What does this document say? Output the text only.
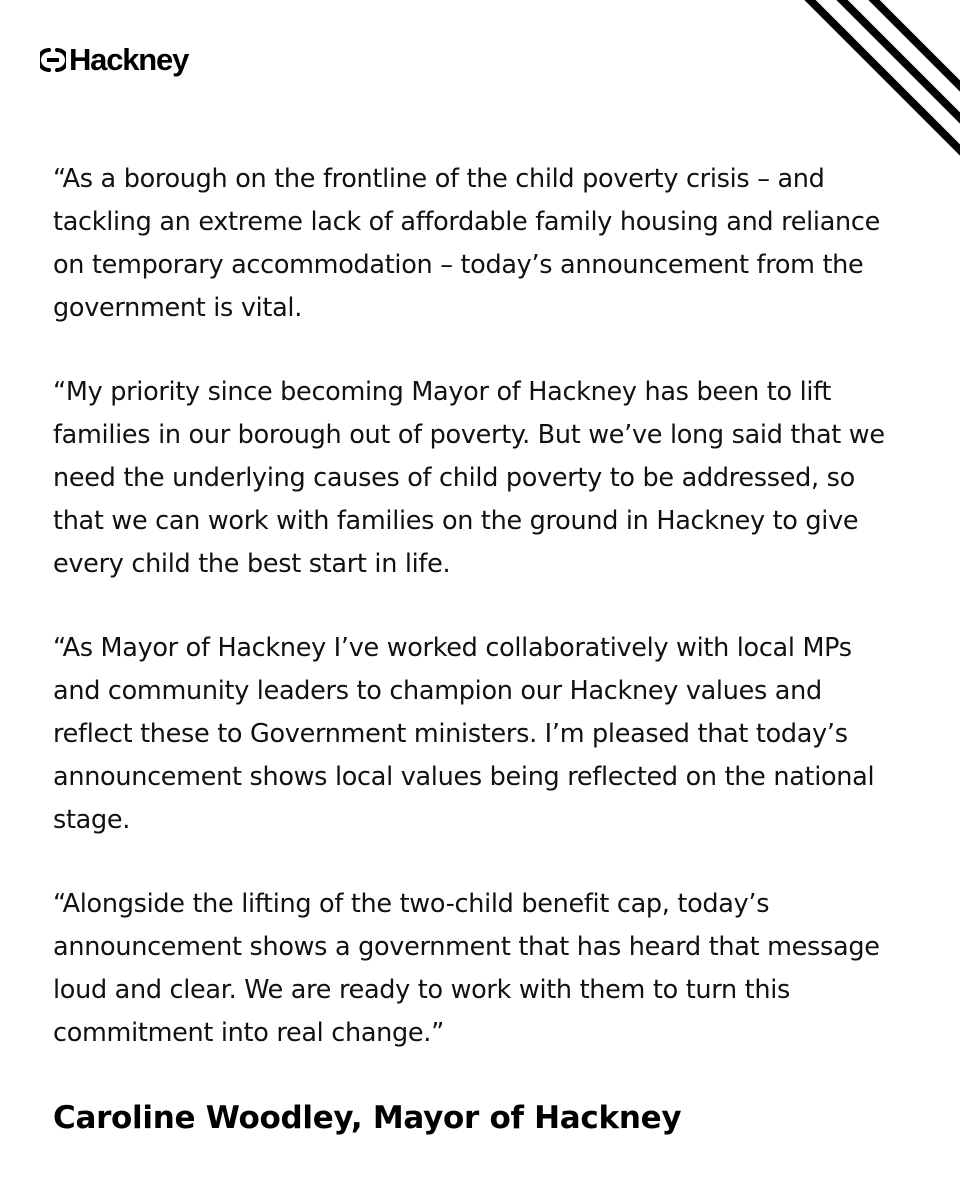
Hackney

“As a borough on the frontline of the child poverty crisis – and
tackling an extreme lack of affordable family housing and reliance
on temporary accommodation – today’s announcement from the
government is vital.

“My priority since becoming Mayor of Hackney has been to lift
families in our borough out of poverty. But we’ve long said that we
need the underlying causes of child poverty to be addressed, so
that we can work with families on the ground in Hackney to give
every child the best start in life.

“As Mayor of Hackney I’ve worked collaboratively with local MPs
and community leaders to champion our Hackney values and
reflect these to Government ministers. I’m pleased that today’s
announcement shows local values being reflected on the national
stage.

“Alongside the lifting of the two-child benefit cap, today’s
announcement shows a government that has heard that message
loud and clear. We are ready to work with them to turn this
commitment into real change.”

Caroline Woodley, Mayor of Hackney
